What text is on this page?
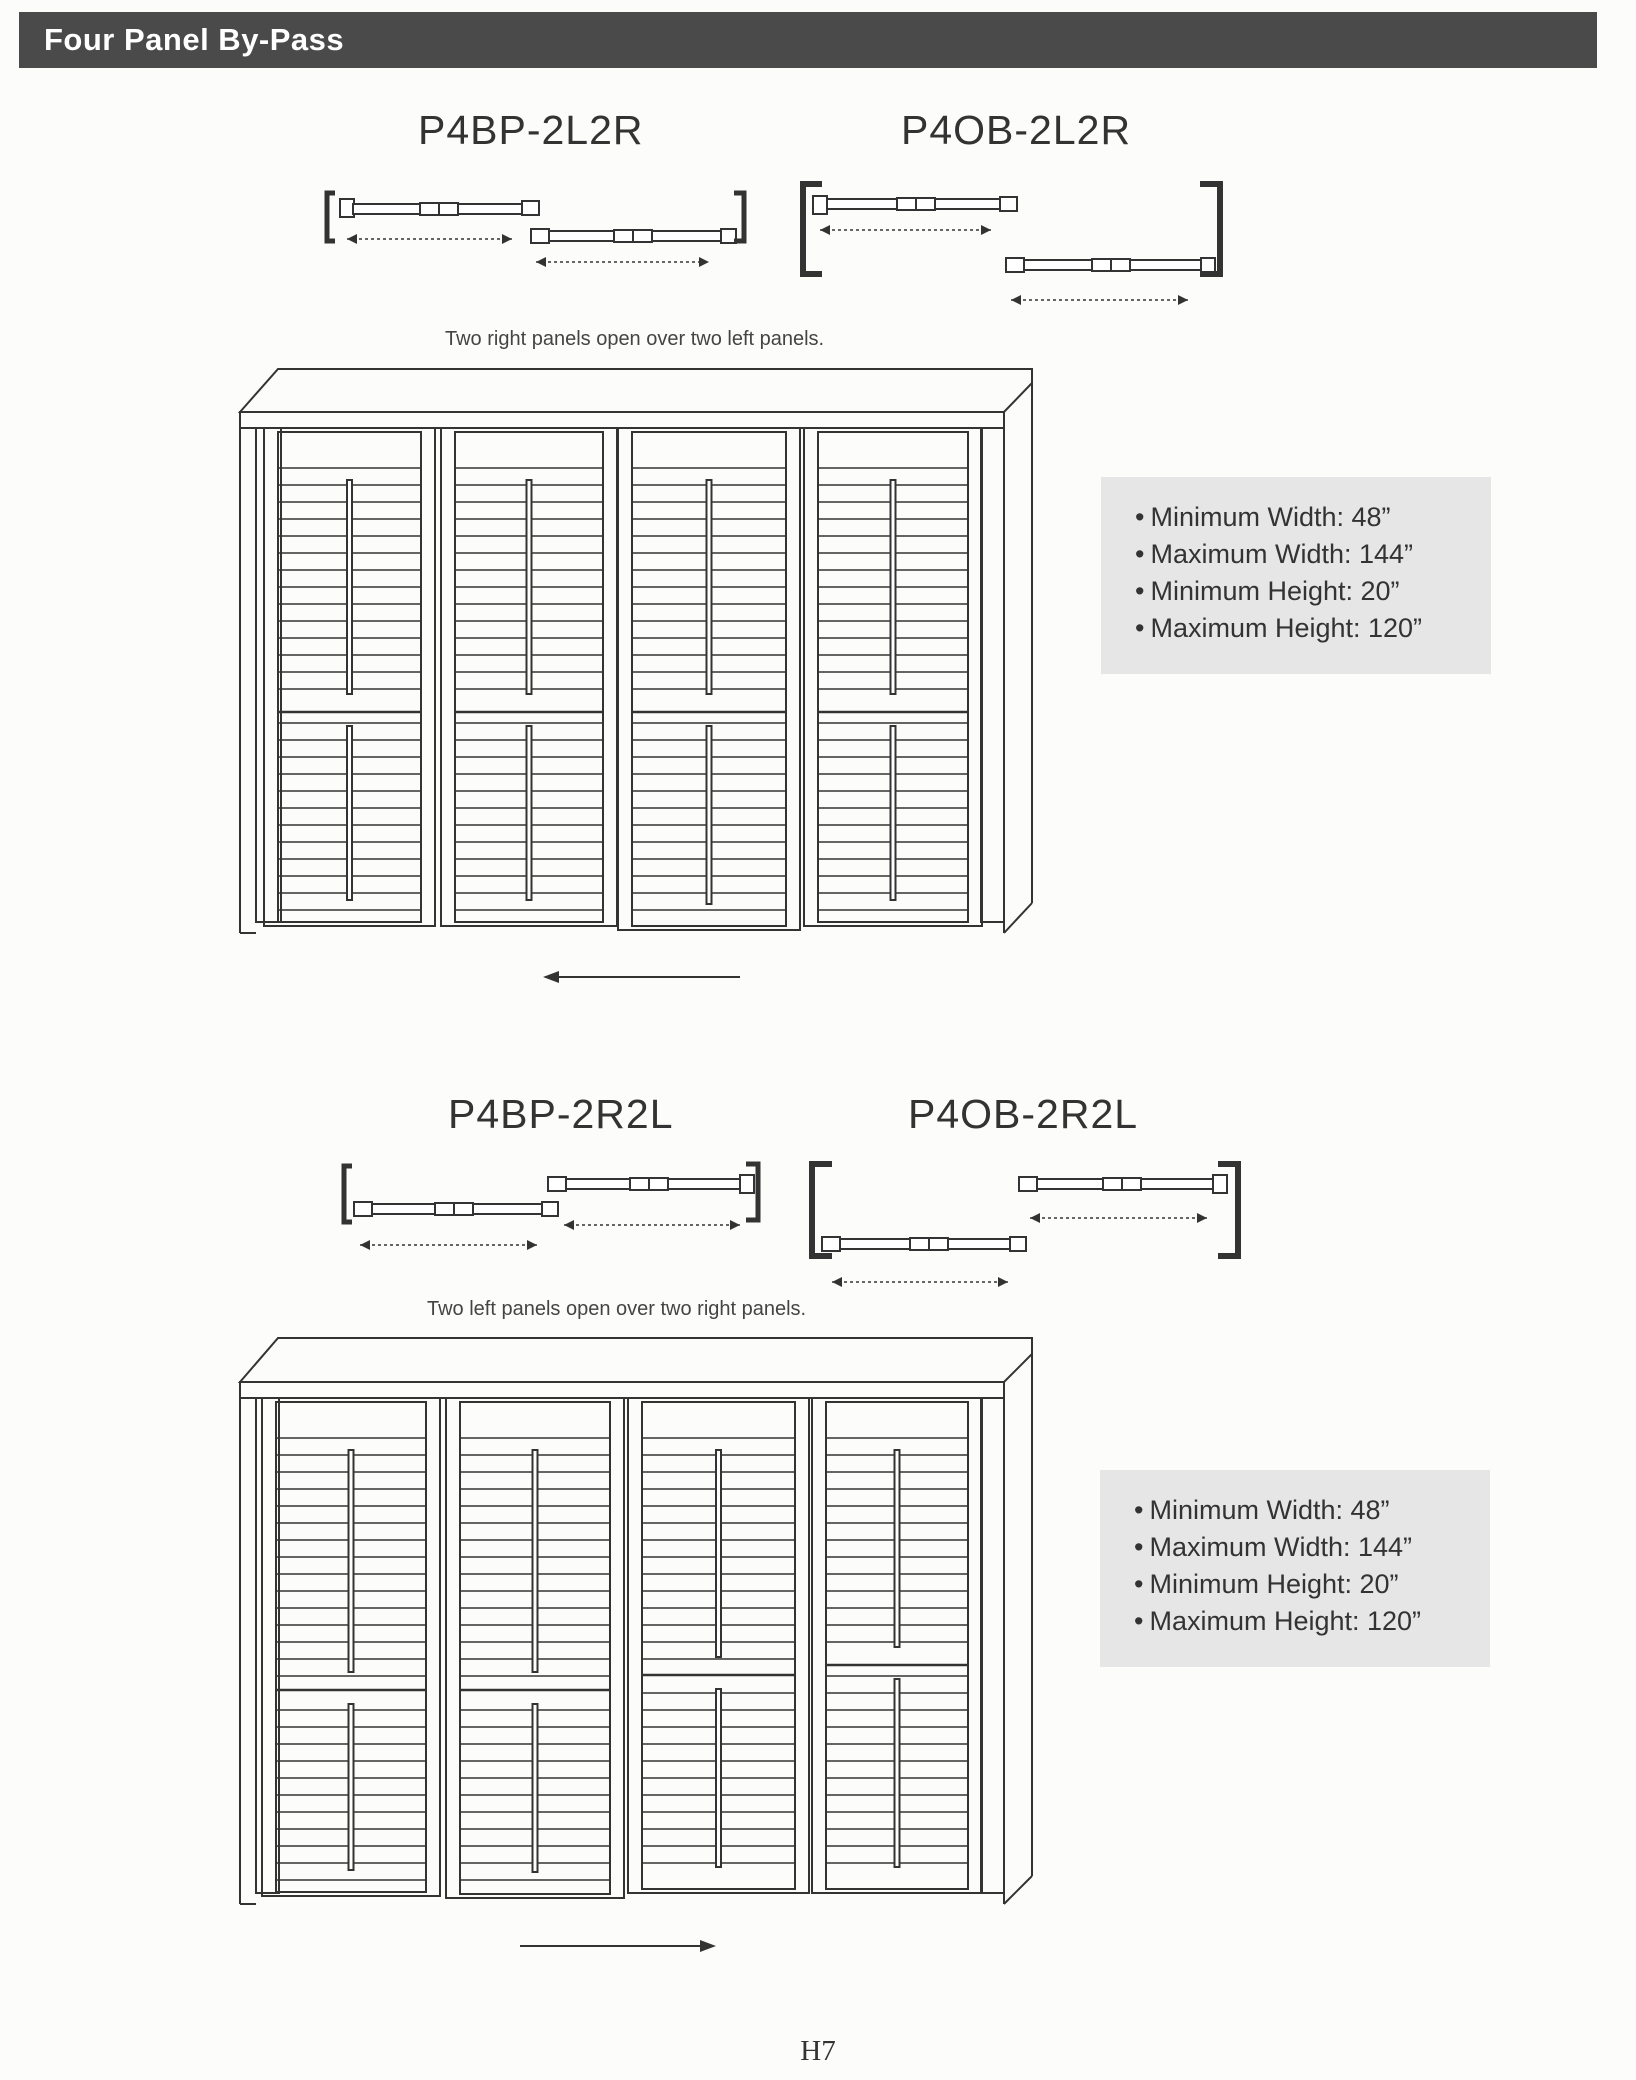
Four Panel By-Pass
P4BP-2L2R	P4OB-2L2R
Two right panels open over two left panels.
• Minimum Width: 48”
• Maximum Width: 144”
• Minimum Height: 20”
• Maximum Height: 120”
P4BP-2R2L	P4OB-2R2L
Two left panels open over two right panels.
• Minimum Width: 48”
• Maximum Width: 144”
• Minimum Height: 20”
• Maximum Height: 120”
H7
